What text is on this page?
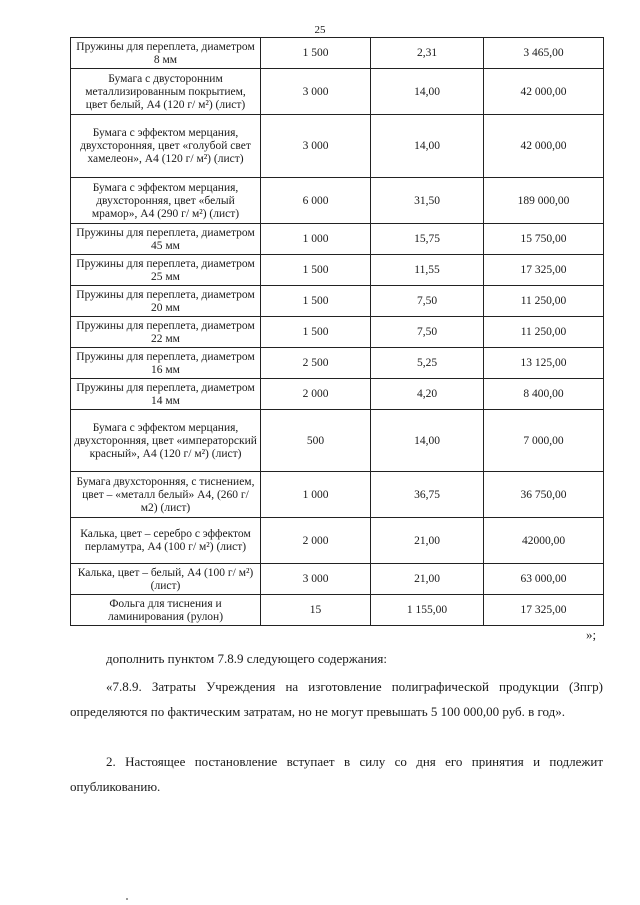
25
Пружины для переплета, диаметром 8 мм	1 500	2,31	3 465,00
Бумага с двусторонним металлизированным покрытием, цвет белый, А4 (120 г/ м²) (лист)	3 000	14,00	42 000,00
Бумага с эффектом мерцания, двухсторонняя, цвет «голубой свет хамелеон», А4 (120 г/ м²) (лист)	3 000	14,00	42 000,00
Бумага с эффектом мерцания, двухсторонняя, цвет «белый мрамор», А4 (290 г/ м²) (лист)	6 000	31,50	189 000,00
Пружины для переплета, диаметром 45 мм	1 000	15,75	15 750,00
Пружины для переплета, диаметром 25 мм	1 500	11,55	17 325,00
Пружины для переплета, диаметром 20 мм	1 500	7,50	11 250,00
Пружины для переплета, диаметром 22 мм	1 500	7,50	11 250,00
Пружины для переплета, диаметром 16 мм	2 500	5,25	13 125,00
Пружины для переплета, диаметром 14 мм	2 000	4,20	8 400,00
Бумага с эффектом мерцания, двухсторонняя, цвет «императорский красный», А4 (120 г/ м²) (лист)	500	14,00	7 000,00
Бумага двухсторонняя, с тиснением, цвет – «металл белый» А4, (260 г/ м2) (лист)	1 000	36,75	36 750,00
Калька, цвет – серебро с эффектом перламутра, А4 (100 г/ м²) (лист)	2 000	21,00	42000,00
Калька, цвет – белый, А4 (100 г/ м²) (лист)	3 000	21,00	63 000,00
Фольга для тиснения и ламинирования (рулон)	15	1 155,00	17 325,00
»;
дополнить пунктом 7.8.9 следующего содержания:
«7.8.9. Затраты Учреждения на изготовление полиграфической продукции (Зпгр) определяются по фактическим затратам, но не могут превышать 5 100 000,00 руб. в год».
2. Настоящее постановление вступает в силу со дня его принятия и подлежит опубликованию.
